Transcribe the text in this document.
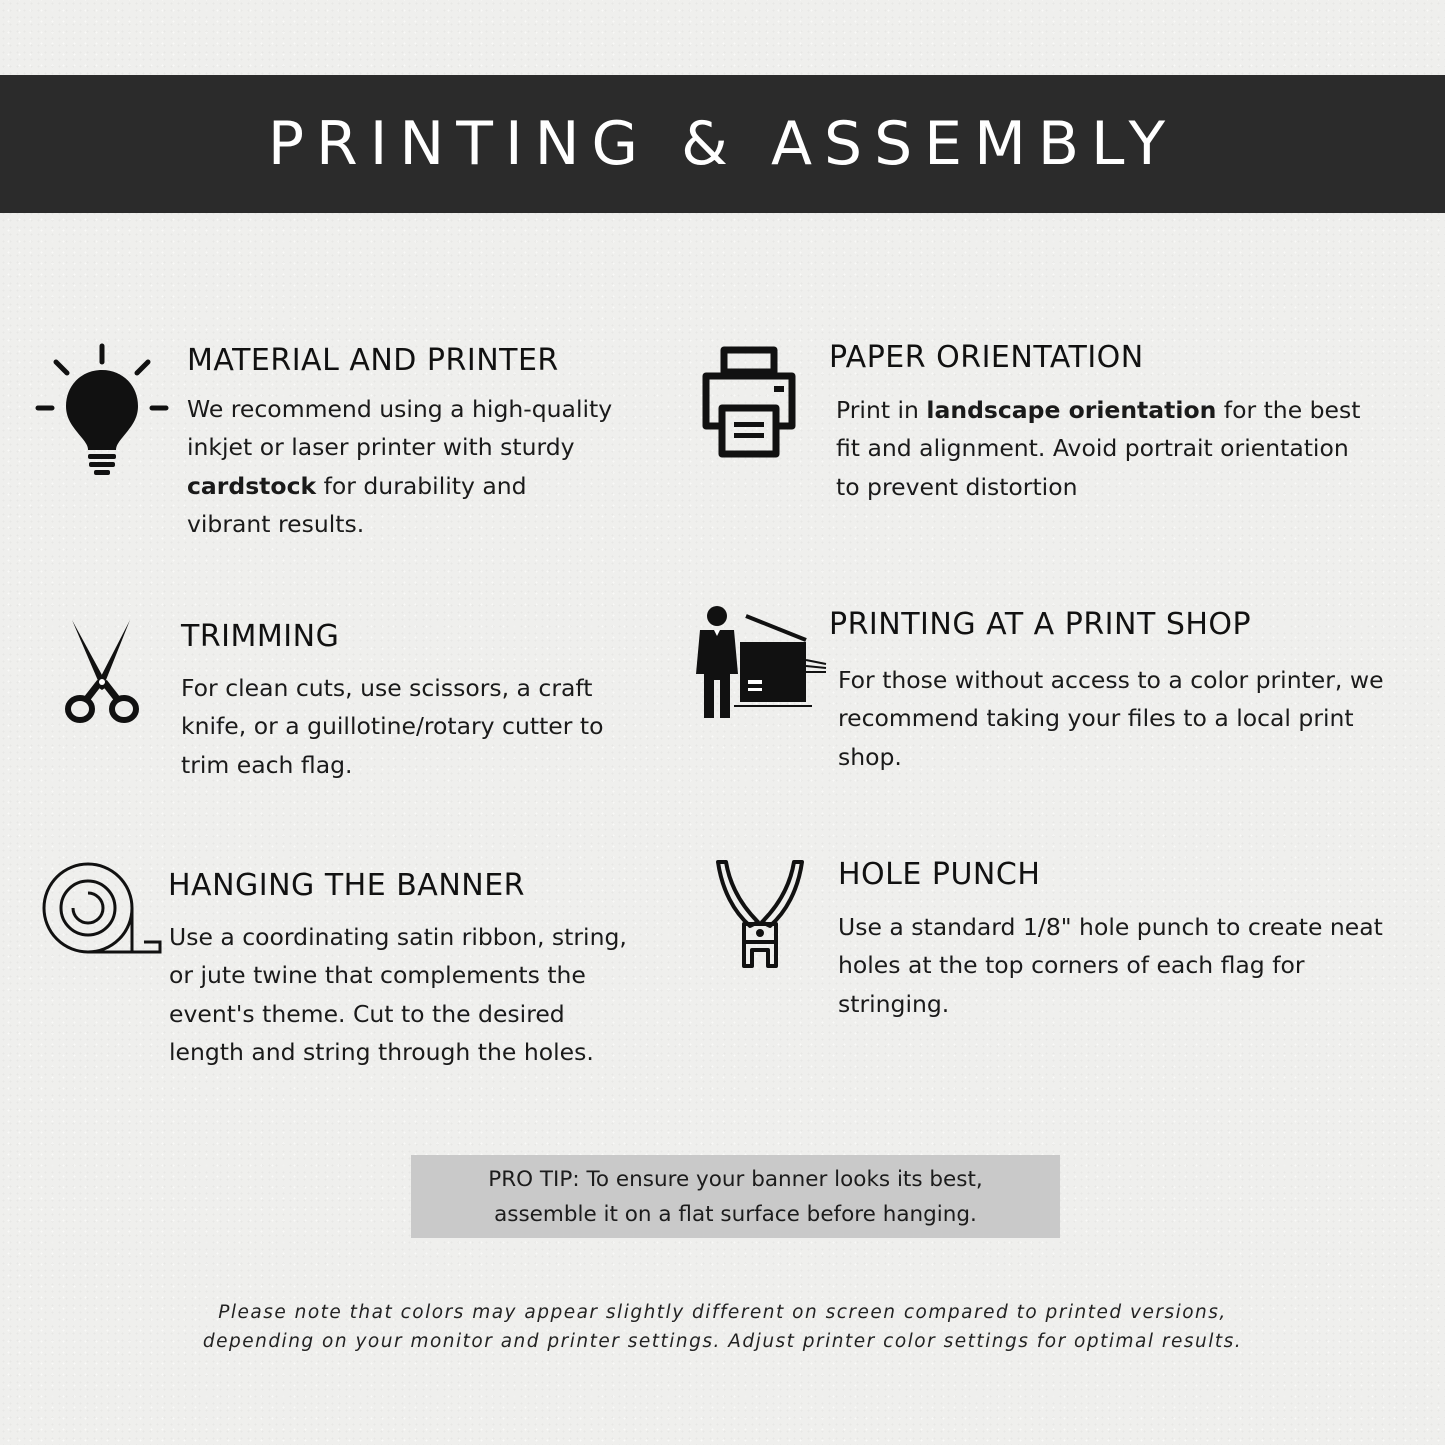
PRINTING & ASSEMBLY
MATERIAL AND PRINTER

We recommend using a high-quality inkjet or laser printer with sturdy cardstock for durability and vibrant results.

PAPER ORIENTATION

Print in landscape orientation for the best fit and alignment. Avoid portrait orientation to prevent distortion

TRIMMING

For clean cuts, use scissors, a craft knife, or a guillotine/rotary cutter to trim each flag.

PRINTING AT A PRINT SHOP

For those without access to a color printer, we recommend taking your files to a local print shop.

HANGING THE BANNER

Use a coordinating satin ribbon, string, or jute twine that complements the event's theme. Cut to the desired length and string through the holes.

HOLE PUNCH

Use a standard 1/8" hole punch to create neat holes at the top corners of each flag for stringing.

PRO TIP: To ensure your banner looks its best,
assemble it on a flat surface before hanging.
Please note that colors may appear slightly different on screen compared to printed versions,
depending on your monitor and printer settings. Adjust printer color settings for optimal results.
